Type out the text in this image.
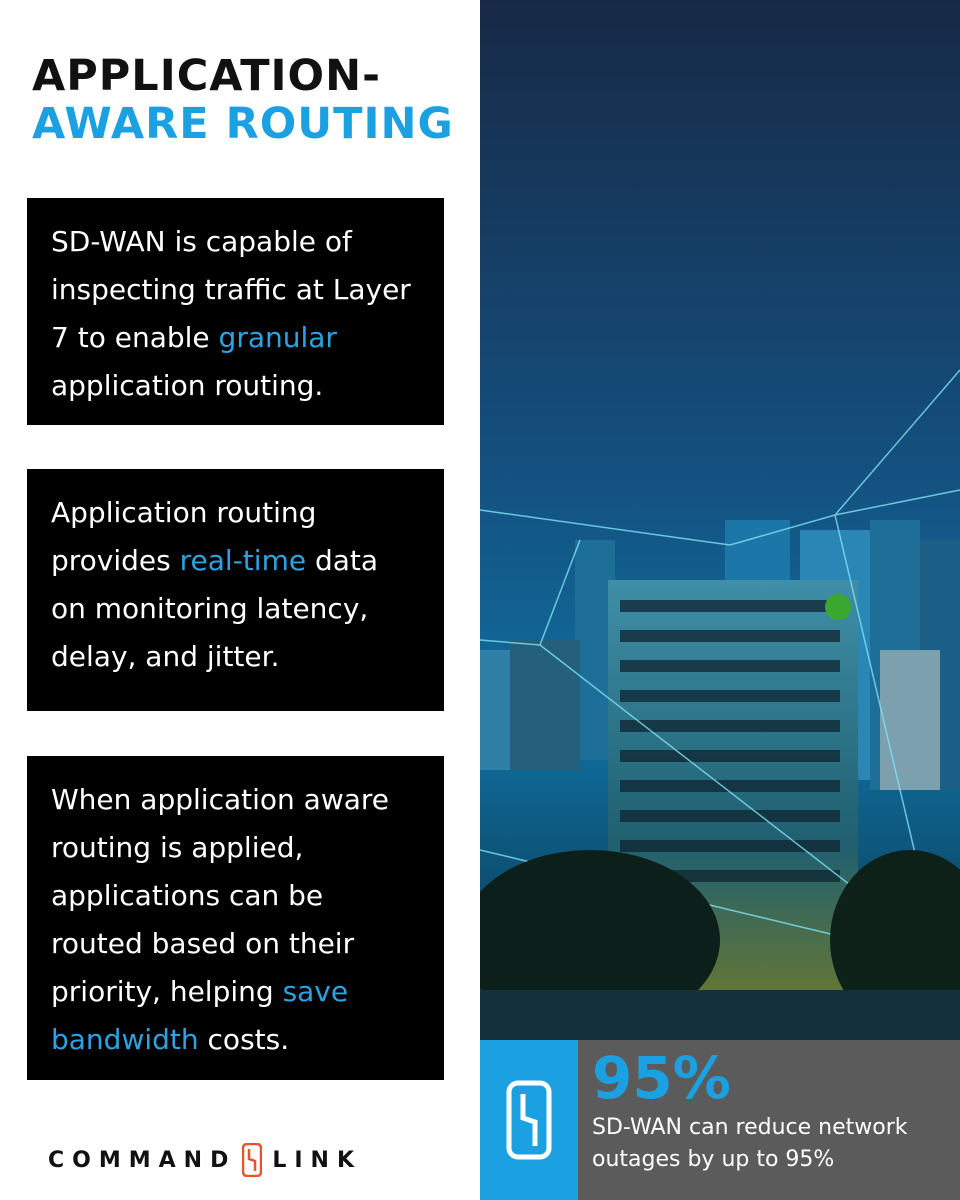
APPLICATION-
AWARE ROUTING
SD-WAN is capable of inspecting traffic at Layer 7 to enable granular application routing.
Application routing provides real-time data on monitoring latency, delay, and jitter.
When application aware routing is applied, applications can be routed based on their priority, helping save bandwidth costs.
COMMAND LINK
95%
SD-WAN can reduce network outages by up to 95%
